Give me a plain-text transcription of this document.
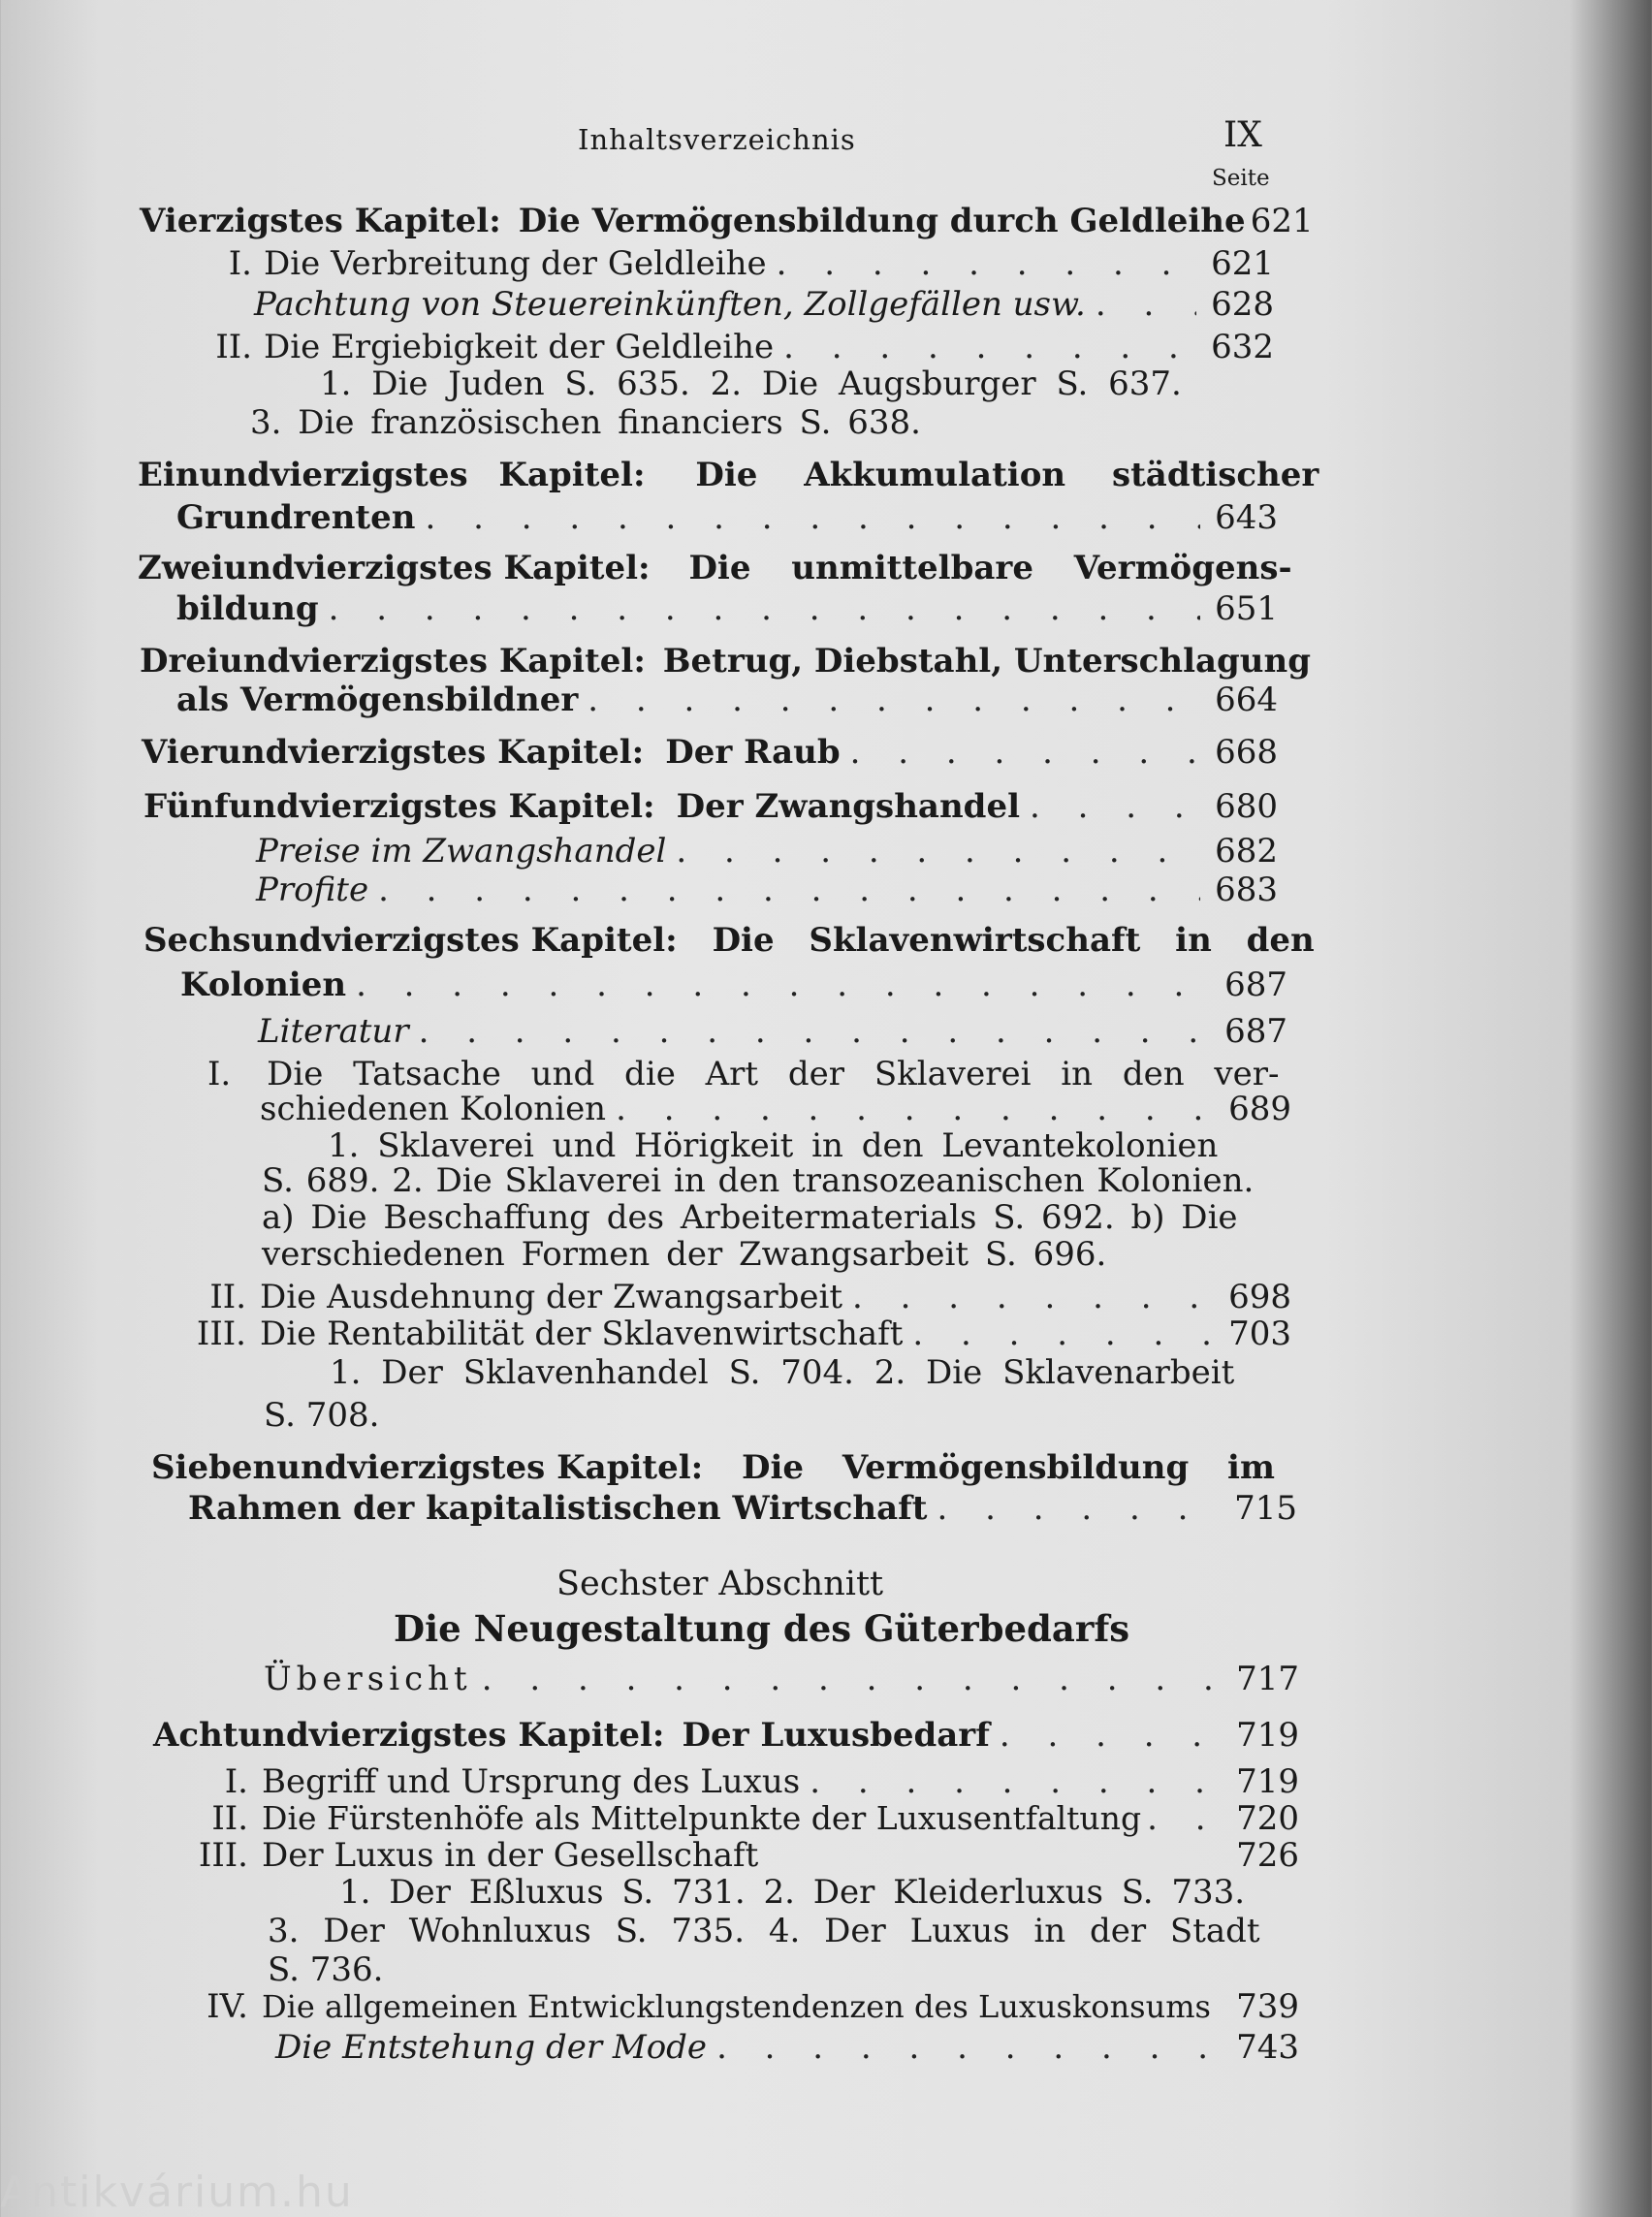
Inhaltsverzeichnis	IX
Seite
Vierzigstes Kapitel: Die Vermögensbildung durch Geldleihe 621
I. Die Verbreitung der Geldleihe . . .	621
Pachtung von Steuereinkünften, Zollgefällen usw. . . .	628
II. Die Ergiebigkeit der Geldleihe . . .	632
1. Die Juden S. 635. 2. Die Augsburger S. 637.
3. Die französischen financiers S. 638.
Einundvierzigstes Kapitel: Die Akkumulation städtischer
Grundrenten . . .	643
Zweiundvierzigstes Kapitel: Die unmittelbare Vermögens-
bildung . . .	651
Dreiundvierzigstes Kapitel: Betrug, Diebstahl, Unterschlagung
als Vermögensbildner . . .	664
Vierundvierzigstes Kapitel: Der Raub . . .	668
Fünfundvierzigstes Kapitel: Der Zwangshandel . . .	680
Preise im Zwangshandel . . .	682
Profite . . .	683
Sechsundvierzigstes Kapitel: Die Sklavenwirtschaft in den
Kolonien . . .	687
Literatur . . .	687
I. Die Tatsache und die Art der Sklaverei in den ver-
schiedenen Kolonien . . .	689
1. Sklaverei und Hörigkeit in den Levantekolonien
S. 689. 2. Die Sklaverei in den transozeanischen Kolonien.
a) Die Beschaffung des Arbeitermaterials S. 692. b) Die
verschiedenen Formen der Zwangsarbeit S. 696.
II. Die Ausdehnung der Zwangsarbeit . . .	698
III. Die Rentabilität der Sklavenwirtschaft . . .	703
1. Der Sklavenhandel S. 704. 2. Die Sklavenarbeit
S. 708.
Siebenundvierzigstes Kapitel: Die Vermögensbildung im
Rahmen der kapitalistischen Wirtschaft . . .	715
Sechster Abschnitt
Die Neugestaltung des Güterbedarfs
Übersicht . . .	717
Achtundvierzigstes Kapitel: Der Luxusbedarf . . .	719
I. Begriff und Ursprung des Luxus . . .	719
II. Die Fürstenhöfe als Mittelpunkte der Luxusentfaltung . . .	720
III. Der Luxus in der Gesellschaft	726
1. Der Eßluxus S. 731. 2. Der Kleiderluxus S. 733.
3. Der Wohnluxus S. 735. 4. Der Luxus in der Stadt
S. 736.
IV. Die allgemeinen Entwicklungstendenzen des Luxuskonsums 739
Die Entstehung der Mode . . .	743
Antikvárium.hu
